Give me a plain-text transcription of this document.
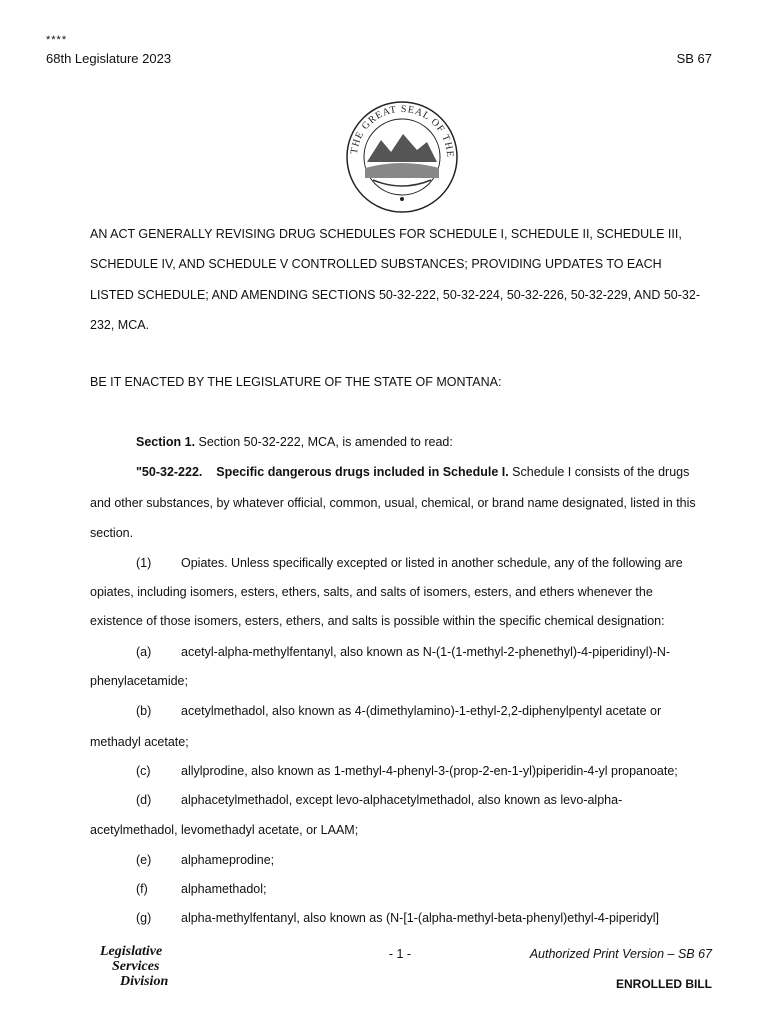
****
68th Legislature 2023	SB 67
THE GREAT SEAL OF THE
AN ACT GENERALLY REVISING DRUG SCHEDULES FOR SCHEDULE I, SCHEDULE II, SCHEDULE III,
SCHEDULE IV, AND SCHEDULE V CONTROLLED SUBSTANCES; PROVIDING UPDATES TO EACH
LISTED SCHEDULE; AND AMENDING SECTIONS 50-32-222, 50-32-224, 50-32-226, 50-32-229, AND 50-32-
232, MCA.
BE IT ENACTED BY THE LEGISLATURE OF THE STATE OF MONTANA:
Section 1. Section 50-32-222, MCA, is amended to read:
"50-32-222.    Specific dangerous drugs included in Schedule I. Schedule I consists of the drugs
and other substances, by whatever official, common, usual, chemical, or brand name designated, listed in this
section.
(1) Opiates. Unless specifically excepted or listed in another schedule, any of the following are
opiates, including isomers, esters, ethers, salts, and salts of isomers, esters, and ethers whenever the
existence of those isomers, esters, ethers, and salts is possible within the specific chemical designation:
(a) acetyl-alpha-methylfentanyl, also known as N-(1-(1-methyl-2-phenethyl)-4-piperidinyl)-N-
phenylacetamide;
(b) acetylmethadol, also known as 4-(dimethylamino)-1-ethyl-2,2-diphenylpentyl acetate or
methadyl acetate;
(c) allylprodine, also known as 1-methyl-4-phenyl-3-(prop-2-en-1-yl)piperidin-4-yl propanoate;
(d) alphacetylmethadol, except levo-alphacetylmethadol, also known as levo-alpha-
acetylmethadol, levomethadyl acetate, or LAAM;
(e) alphameprodine;
(f)	alphamethadol;
(g) alpha-methylfentanyl, also known as (N-[1-(alpha-methyl-beta-phenyl)ethyl-4-piperidyl]
Legislative
Services
Division
- 1 -	Authorized Print Version – SB 67
ENROLLED BILL
